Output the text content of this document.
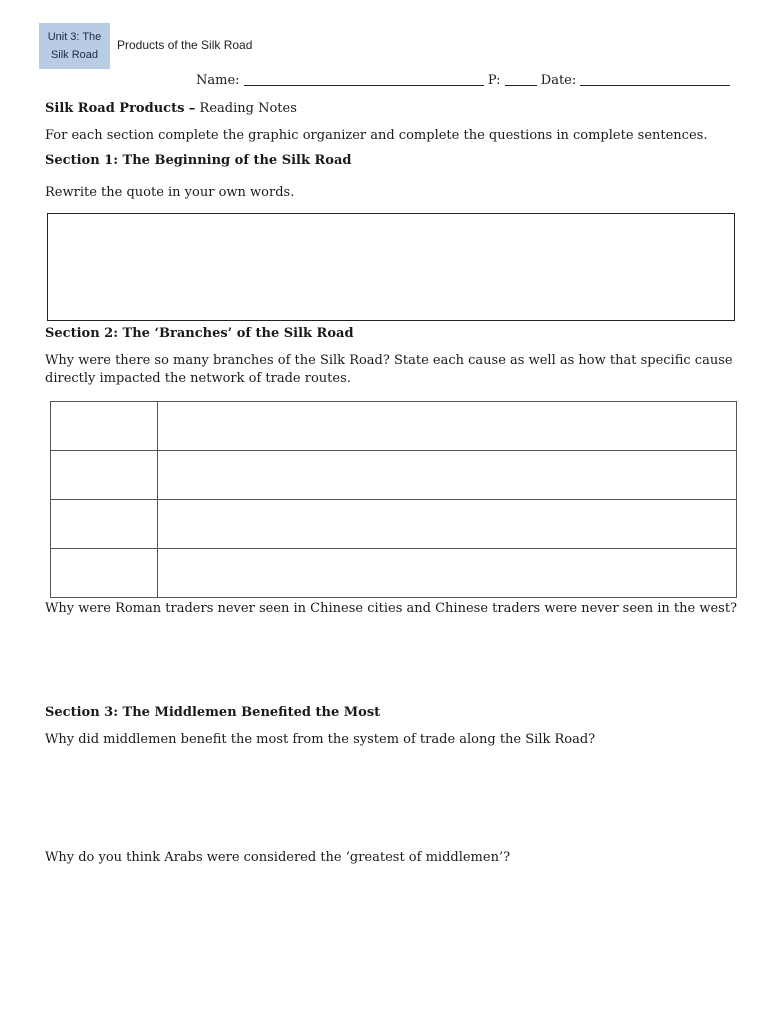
Unit 3: The
Silk Road
Products of the Silk Road
Name:	P:	Date:
Silk Road Products – Reading Notes
For each section complete the graphic organizer and complete the questions in complete sentences.
Section 1: The Beginning of the Silk Road
Rewrite the quote in your own words.
Section 2: The ‘Branches’ of the Silk Road
Why were there so many branches of the Silk Road? State each cause as well as how that specific cause
directly impacted the network of trade routes.

Why were Roman traders never seen in Chinese cities and Chinese traders were never seen in the west?
Section 3: The Middlemen Benefited the Most
Why did middlemen benefit the most from the system of trade along the Silk Road?
Why do you think Arabs were considered the ‘greatest of middlemen’?
